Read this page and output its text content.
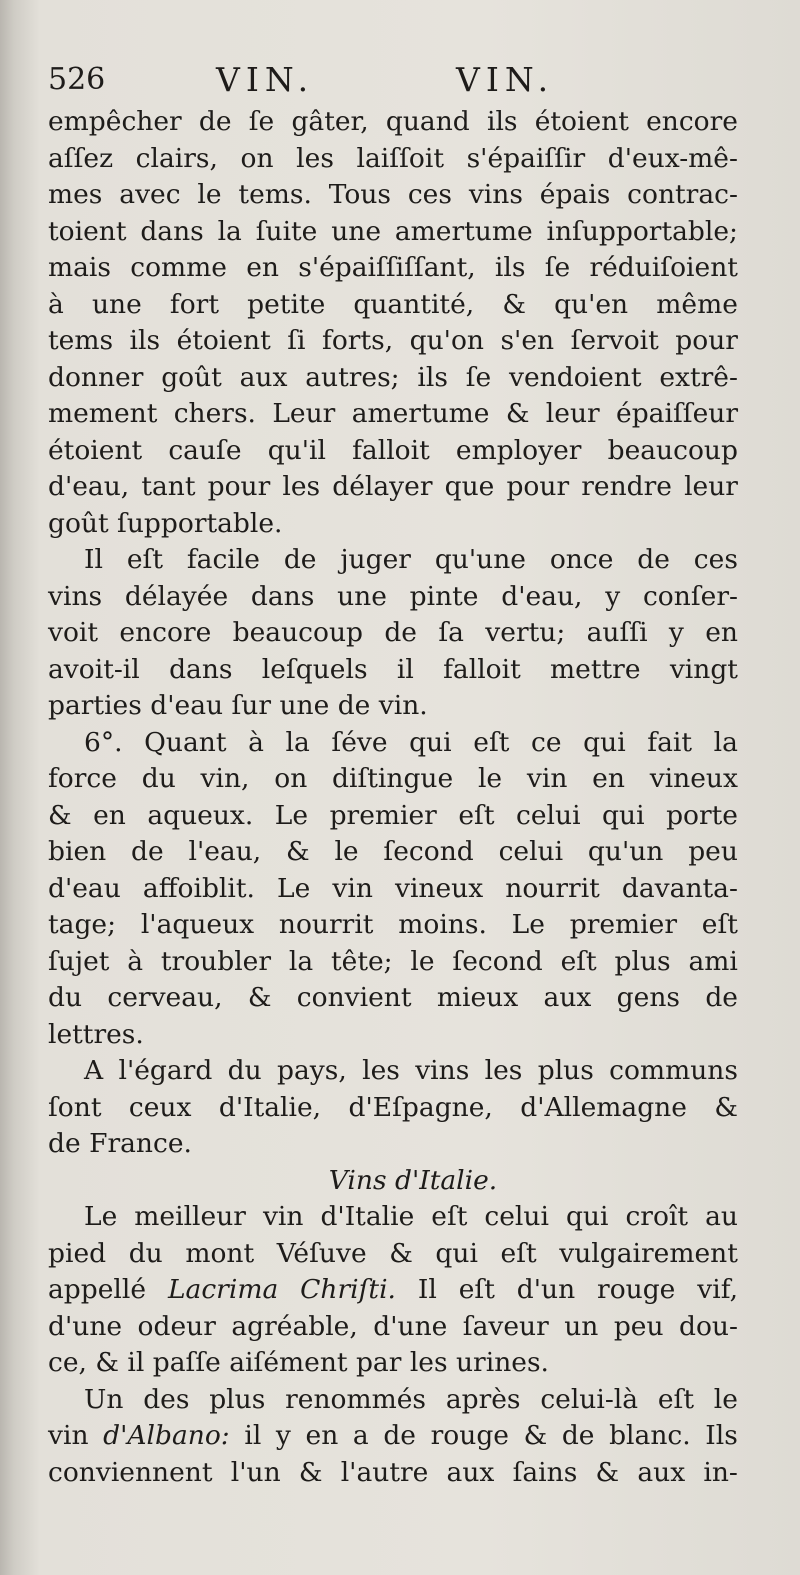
526	VIN.	VIN.
empêcher de ſe gâter, quand ils étoient encore
aſſez clairs, on les laiſſoit s'épaiſſir d'eux-mê-
mes avec le tems. Tous ces vins épais contrac-
toient dans la ſuite une amertume inſupportable;
mais comme en s'épaiſſiſſant, ils ſe réduiſoient
à une fort petite quantité, & qu'en même
tems ils étoient ſi forts, qu'on s'en ſervoit pour
donner goût aux autres; ils ſe vendoient extrê-
mement chers. Leur amertume & leur épaiſſeur
étoient cauſe qu'il falloit employer beaucoup
d'eau, tant pour les délayer que pour rendre leur
goût ſupportable.
Il eſt facile de juger qu'une once de ces
vins délayée dans une pinte d'eau, y conſer-
voit encore beaucoup de ſa vertu; auſſi y en
avoit-il dans leſquels il falloit mettre vingt
parties d'eau ſur une de vin.
6°. Quant à la ſéve qui eſt ce qui fait la
force du vin, on diſtingue le vin en vineux
& en aqueux. Le premier eſt celui qui porte
bien de l'eau, & le ſecond celui qu'un peu
d'eau affoiblit. Le vin vineux nourrit davanta-
tage; l'aqueux nourrit moins. Le premier eſt
ſujet à troubler la tête; le ſecond eſt plus ami
du cerveau, & convient mieux aux gens de
lettres.
A l'égard du pays, les vins les plus communs
ſont ceux d'Italie, d'Eſpagne, d'Allemagne &
de France.
Vins d'Italie.
Le meilleur vin d'Italie eſt celui qui croît au
pied du mont Véſuve & qui eſt vulgairement
appellé Lacrima Chriſti. Il eſt d'un rouge vif,
d'une odeur agréable, d'une ſaveur un peu dou-
ce, & il paſſe aiſément par les urines.
Un des plus renommés après celui-là eſt le
vin d'Albano: il y en a de rouge & de blanc. Ils
conviennent l'un & l'autre aux ſains & aux in-
